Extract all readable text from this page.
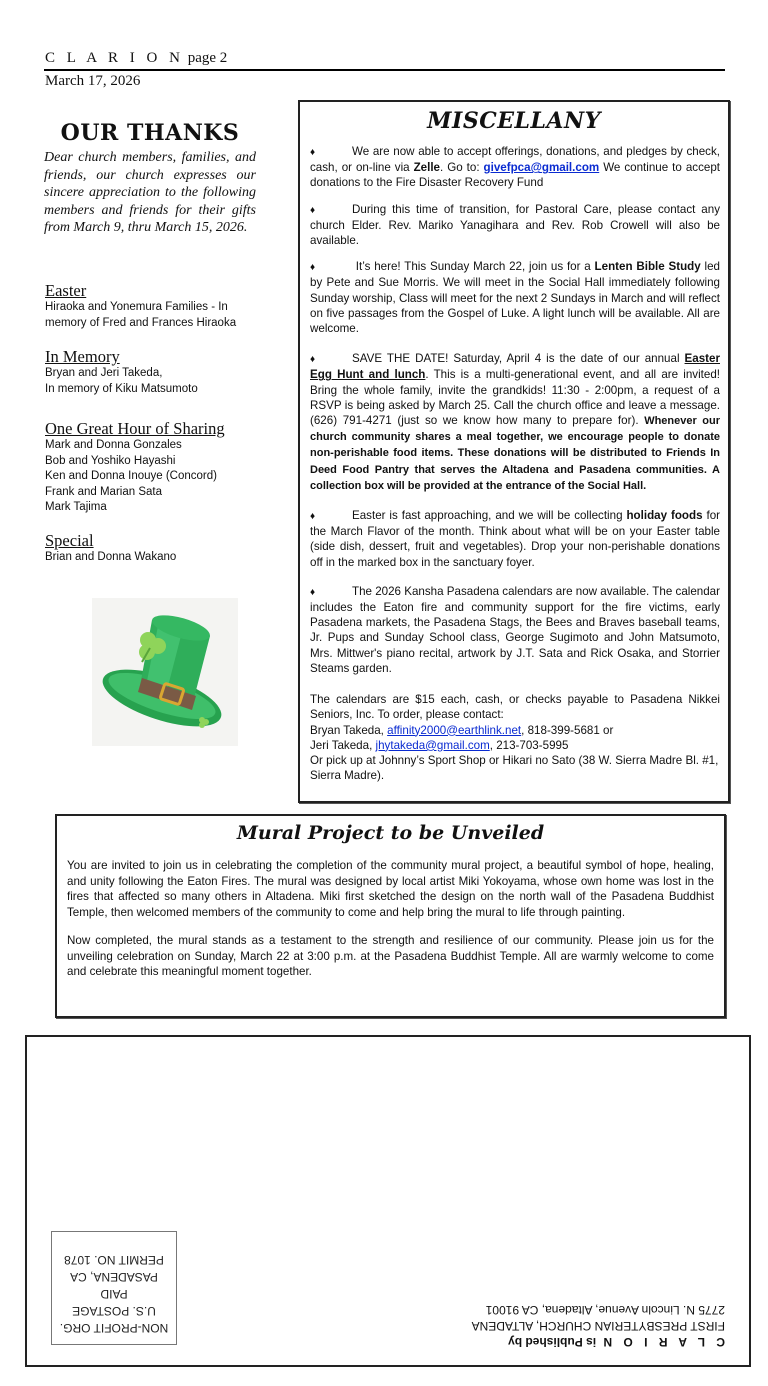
C L A R I O N page 2
March 17, 2026
OUR THANKS

Dear church members, families, and friends, our church expresses our sincere appreciation to the following members and friends for their gifts from March 9, thru March 15, 2026.

Easter

Hiraoka and Yonemura Families - In

memory of Fred and Frances Hiraoka

In Memory

Bryan and Jeri Takeda,

In memory of Kiku Matsumoto

One Great Hour of Sharing

Mark and Donna Gonzales

Bob and Yoshiko Hayashi

Ken and Donna Inouye (Concord)

Frank and Marian Sata

Mark Tajima

Special

Brian and Donna Wakano

MISCELLANY

♦	We are now able to accept offerings, donations, and pledges by check, cash, or on-line via Zelle. Go to: givefpca@gmail.com We continue to accept donations to the Fire Disaster Recovery Fund

♦	During this time of transition, for Pastoral Care, please contact any church Elder. Rev. Mariko Yanagihara and Rev. Rob Crowell will also be available.

♦	It’s here! This Sunday March 22, join us for a Lenten Bible Study led by Pete and Sue Morris. We will meet in the Social Hall immediately following Sunday worship, Class will meet for the next 2 Sundays in March and will reflect on five passages from the Gospel of Luke. A light lunch will be available. All are welcome.

♦	SAVE THE DATE! Saturday, April 4 is the date of our annual Easter Egg Hunt and lunch. This is a multi-generational event, and all are invited! Bring the whole family, invite the grandkids! 11:30 - 2:00pm, a request of a RSVP is being asked by March 25. Call the church office and leave a message. (626) 791-4271 (just so we know how many to prepare for). Whenever our church community shares a meal together, we encourage people to donate non-perishable food items. These donations will be distributed to Friends In Deed Food Pantry that serves the Altadena and Pasadena communities. A collection box will be provided at the entrance of the Social Hall.

♦	Easter is fast approaching, and we will be collecting holiday foods for the March Flavor of the month. Think about what will be on your Easter table (side dish, dessert, fruit and vegetables). Drop your non-perishable donations off in the marked box in the sanctuary foyer.

♦	The 2026 Kansha Pasadena calendars are now available. The calendar includes the Eaton fire and community support for the fire victims, early Pasadena markets, the Pasadena Stags, the Bees and Braves baseball teams, Jr. Pups and Sunday School class, George Sugimoto and John Matsumoto, Mrs. Mittwer's piano recital, artwork by J.T. Sata and Rick Osaka, and Storrier Steams garden.

The calendars are $15 each, cash, or checks payable to Pasadena Nikkei Seniors, Inc. To order, please contact:
Bryan Takeda, affinity2000@earthlink.net, 818-399-5681 or
Jeri Takeda, jhytakeda@gmail.com, 213-703-5995
Or pick up at Johnny’s Sport Shop or Hikari no Sato (38 W. Sierra Madre Bl. #1, Sierra Madre).
Mural Project to be Unveiled

You are invited to join us in celebrating the completion of the community mural project, a beautiful symbol of hope, healing, and unity following the Eaton Fires. The mural was designed by local artist Miki Yokoyama, whose own home was lost in the fires that affected so many others in Altadena. Miki first sketched the design on the north wall of the Pasadena Buddhist Temple, then welcomed members of the community to come and help bring the mural to life through painting.

Now completed, the mural stands as a testament to the strength and resilience of our community. Please join us for the unveiling celebration on Sunday, March 22 at 3:00 p.m. at the Pasadena Buddhist Temple. All are warmly welcome to come and celebrate this meaningful moment together.

NON-PROFIT ORG.
U.S. POSTAGE
PAID
PASADENA, CA
PERMIT NO. 1078
C L A R I O N is Published by
FIRST PRESBYTERIAN CHURCH, ALTADENA
2775 N. Lincoln Avenue, Altadena, CA 91001
